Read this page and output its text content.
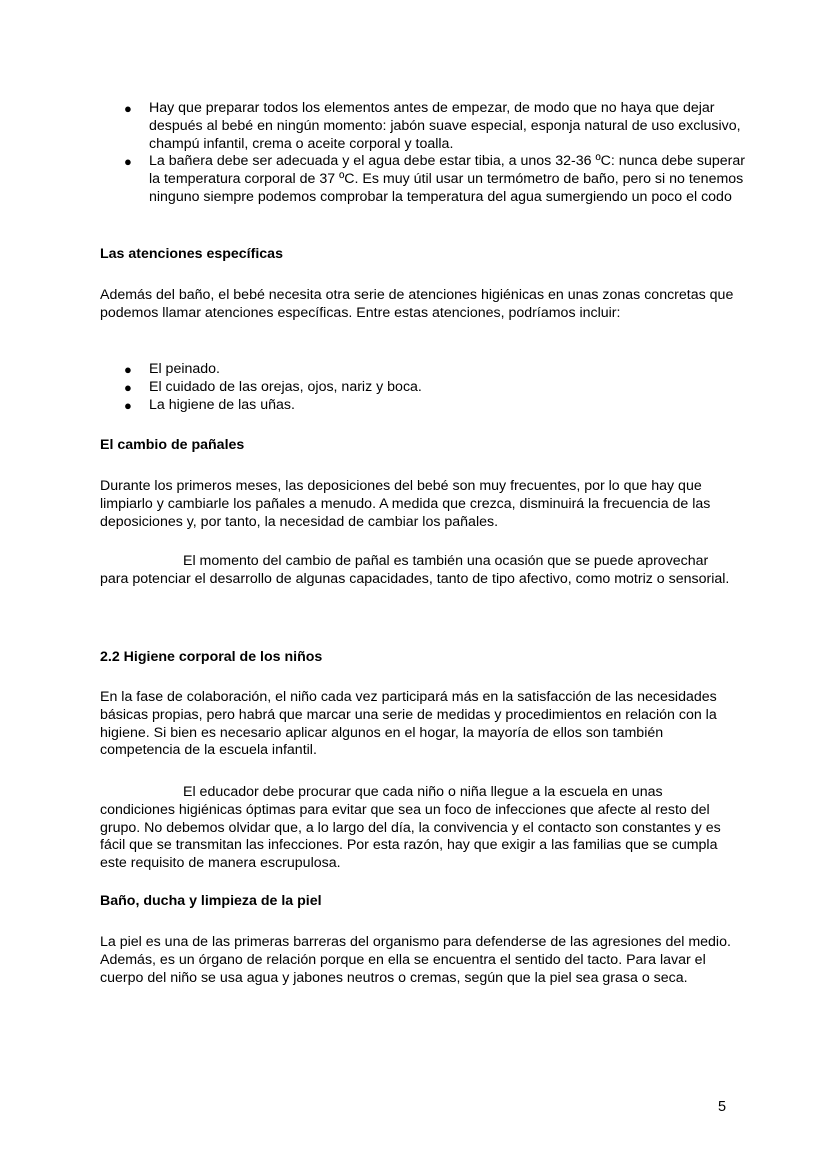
● Hay que preparar todos los elementos antes de empezar, de modo que no haya que dejar después al bebé en ningún momento: jabón suave especial, esponja natural de uso exclusivo, champú infantil, crema o aceite corporal y toalla.

● La bañera debe ser adecuada y el agua debe estar tibia, a unos 32-36 ºC: nunca debe superar la temperatura corporal de 37 ºC. Es muy útil usar un termómetro de baño, pero si no tenemos ninguno siempre podemos comprobar la temperatura del agua sumergiendo un poco el codo

Las atenciones específicas

Además del baño, el bebé necesita otra serie de atenciones higiénicas en unas zonas concretas que podemos llamar atenciones específicas. Entre estas atenciones, podríamos incluir:

● El peinado.

● El cuidado de las orejas, ojos, nariz y boca.

● La higiene de las uñas.

El cambio de pañales

Durante los primeros meses, las deposiciones del bebé son muy frecuentes, por lo que hay que limpiarlo y cambiarle los pañales a menudo. A medida que crezca, disminuirá la frecuencia de las deposiciones y, por tanto, la necesidad de cambiar los pañales.

El momento del cambio de pañal es también una ocasión que se puede aprovechar para potenciar el desarrollo de algunas capacidades, tanto de tipo afectivo, como motriz o sensorial.

2.2 Higiene corporal de los niños

En la fase de colaboración, el niño cada vez participará más en la satisfacción de las necesidades básicas propias, pero habrá que marcar una serie de medidas y procedimientos en relación con la higiene. Si bien es necesario aplicar algunos en el hogar, la mayoría de ellos son también competencia de la escuela infantil.

El educador debe procurar que cada niño o niña llegue a la escuela en unas condiciones higiénicas óptimas para evitar que sea un foco de infecciones que afecte al resto del grupo. No debemos olvidar que, a lo largo del día, la convivencia y el contacto son constantes y es fácil que se transmitan las infecciones. Por esta razón, hay que exigir a las familias que se cumpla este requisito de manera escrupulosa.

Baño, ducha y limpieza de la piel

La piel es una de las primeras barreras del organismo para defenderse de las agresiones del medio. Además, es un órgano de relación porque en ella se encuentra el sentido del tacto. Para lavar el cuerpo del niño se usa agua y jabones neutros o cremas, según que la piel sea grasa o seca.

5
